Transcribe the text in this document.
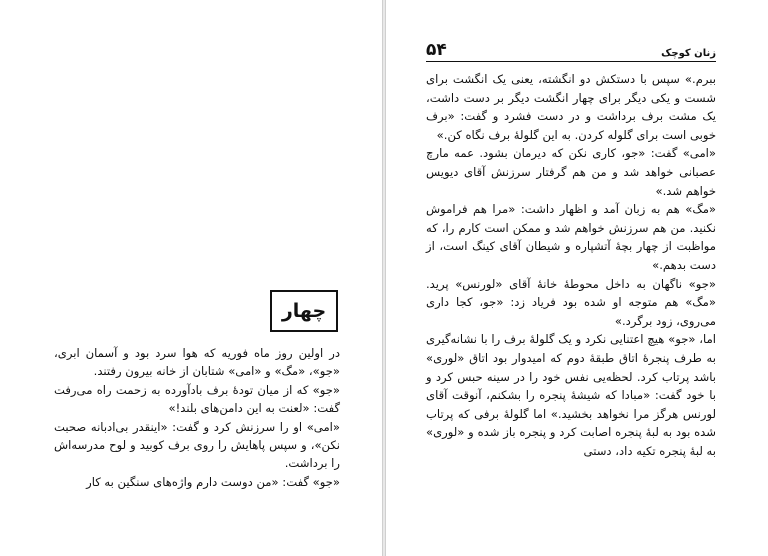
چهار

در اولین روز ماه فوریه که هوا سرد بود و آسمان ابری، «جو»، «مگ» و «امی» شتابان از خانه بیرون رفتند.

«جو» که از میان تودهٔ برف بادآورده به زحمت راه می‌رفت گفت: «لعنت به این دامن‌های بلند!»

«امی» او را سرزنش کرد و گفت: «اینقدر بی‌ادبانه صحبت نکن»، و سپس پاهایش را روی برف کوبید و لوح مدرسه‌اش را برداشت.

«جو» گفت: «من دوست دارم واژه‌های سنگین به کار

۵۴	زنان کوچک

ببرم.» سپس با دستکش دو انگشته، یعنی یک انگشت برای شست و یکی دیگر برای چهار انگشت دیگر بر دست داشت، یک مشت برف برداشت و در دست فشرد و گفت: «برف خوبی است برای گلوله کردن. به این گلولهٔ برف نگاه کن.»

«امی» گفت: «جو، کاری نکن که دیرمان بشود. عمه مارچ عصبانی خواهد شد و من هم گرفتار سرزنش آقای دیویس خواهم شد.»

«مگ» هم به زبان آمد و اظهار داشت: «مرا هم فراموش نکنید. من هم سرزنش خواهم شد و ممکن است کارم را، که مواظبت از چهار بچهٔ آتشپاره و شیطان آقای کینگ است، از دست بدهم.»

«جو» ناگهان به داخل محوطهٔ خانهٔ آقای «لورنس» پرید. «مگ» هم متوجه او شده بود فریاد زد: «جو، کجا داری می‌روی، زود برگرد.»

اما، «جو» هیچ اعتنایی نکرد و یک گلولهٔ برف را با نشانه‌گیری به طرف پنجرهٔ اتاق طبقهٔ دوم که امیدوار بود اتاق «لوری» باشد پرتاب کرد. لحظه‌یی نفس خود را در سینه حبس کرد و با خود گفت: «مبادا که شیشهٔ پنجره را بشکنم، آنوقت آقای لورنس هرگز مرا نخواهد بخشید.» اما گلولهٔ برفی که پرتاب شده بود به لبهٔ پنجره اصابت کرد و پنجره باز شده و «لوری» به لبهٔ پنجره تکیه داد، دستی
